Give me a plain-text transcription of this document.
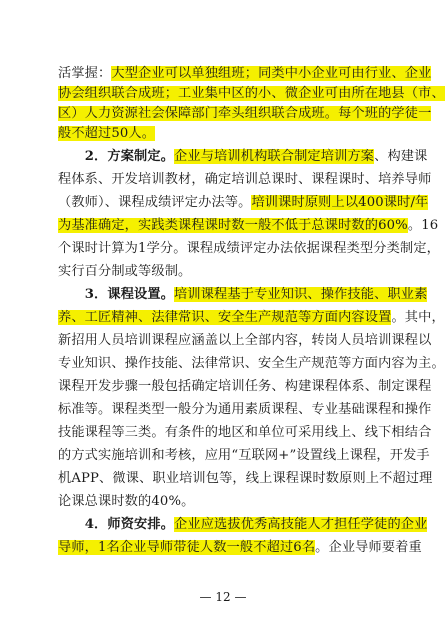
活掌握：大型企业可以单独组班；同类中小企业可由行业、企业
协会组织联合成班；工业集中区的小、微企业可由所在地县（市、
区）人力资源社会保障部门牵头组织联合成班。每个班的学徒一
般不超过50人。
　　2．方案制定。企业与培训机构联合制定培训方案、构建课
程体系、开发培训教材，确定培训总课时、课程课时、培养导师
（教师）、课程成绩评定办法等。培训课时原则上以400课时/年
为基准确定，实践类课程课时数一般不低于总课时数的60%。16
个课时计算为1学分。课程成绩评定办法依据课程类型分类制定，
实行百分制或等级制。
　　3．课程设置。培训课程基于专业知识、操作技能、职业素
养、工匠精神、法律常识、安全生产规范等方面内容设置。其中，
新招用人员培训课程应涵盖以上全部内容，转岗人员培训课程以
专业知识、操作技能、法律常识、安全生产规范等方面内容为主。
课程开发步骤一般包括确定培训任务、构建课程体系、制定课程
标准等。课程类型一般分为通用素质课程、专业基础课程和操作
技能课程等三类。有条件的地区和单位可采用线上、线下相结合
的方式实施培训和考核，应用“互联网+”设置线上课程，开发手
机APP、微课、职业培训包等，线上课程课时数原则上不超过理
论课总课时数的40%。
　　4．师资安排。企业应选拔优秀高技能人才担任学徒的企业
导师，1名企业导师带徒人数一般不超过6名。企业导师要着重
— 12 —
